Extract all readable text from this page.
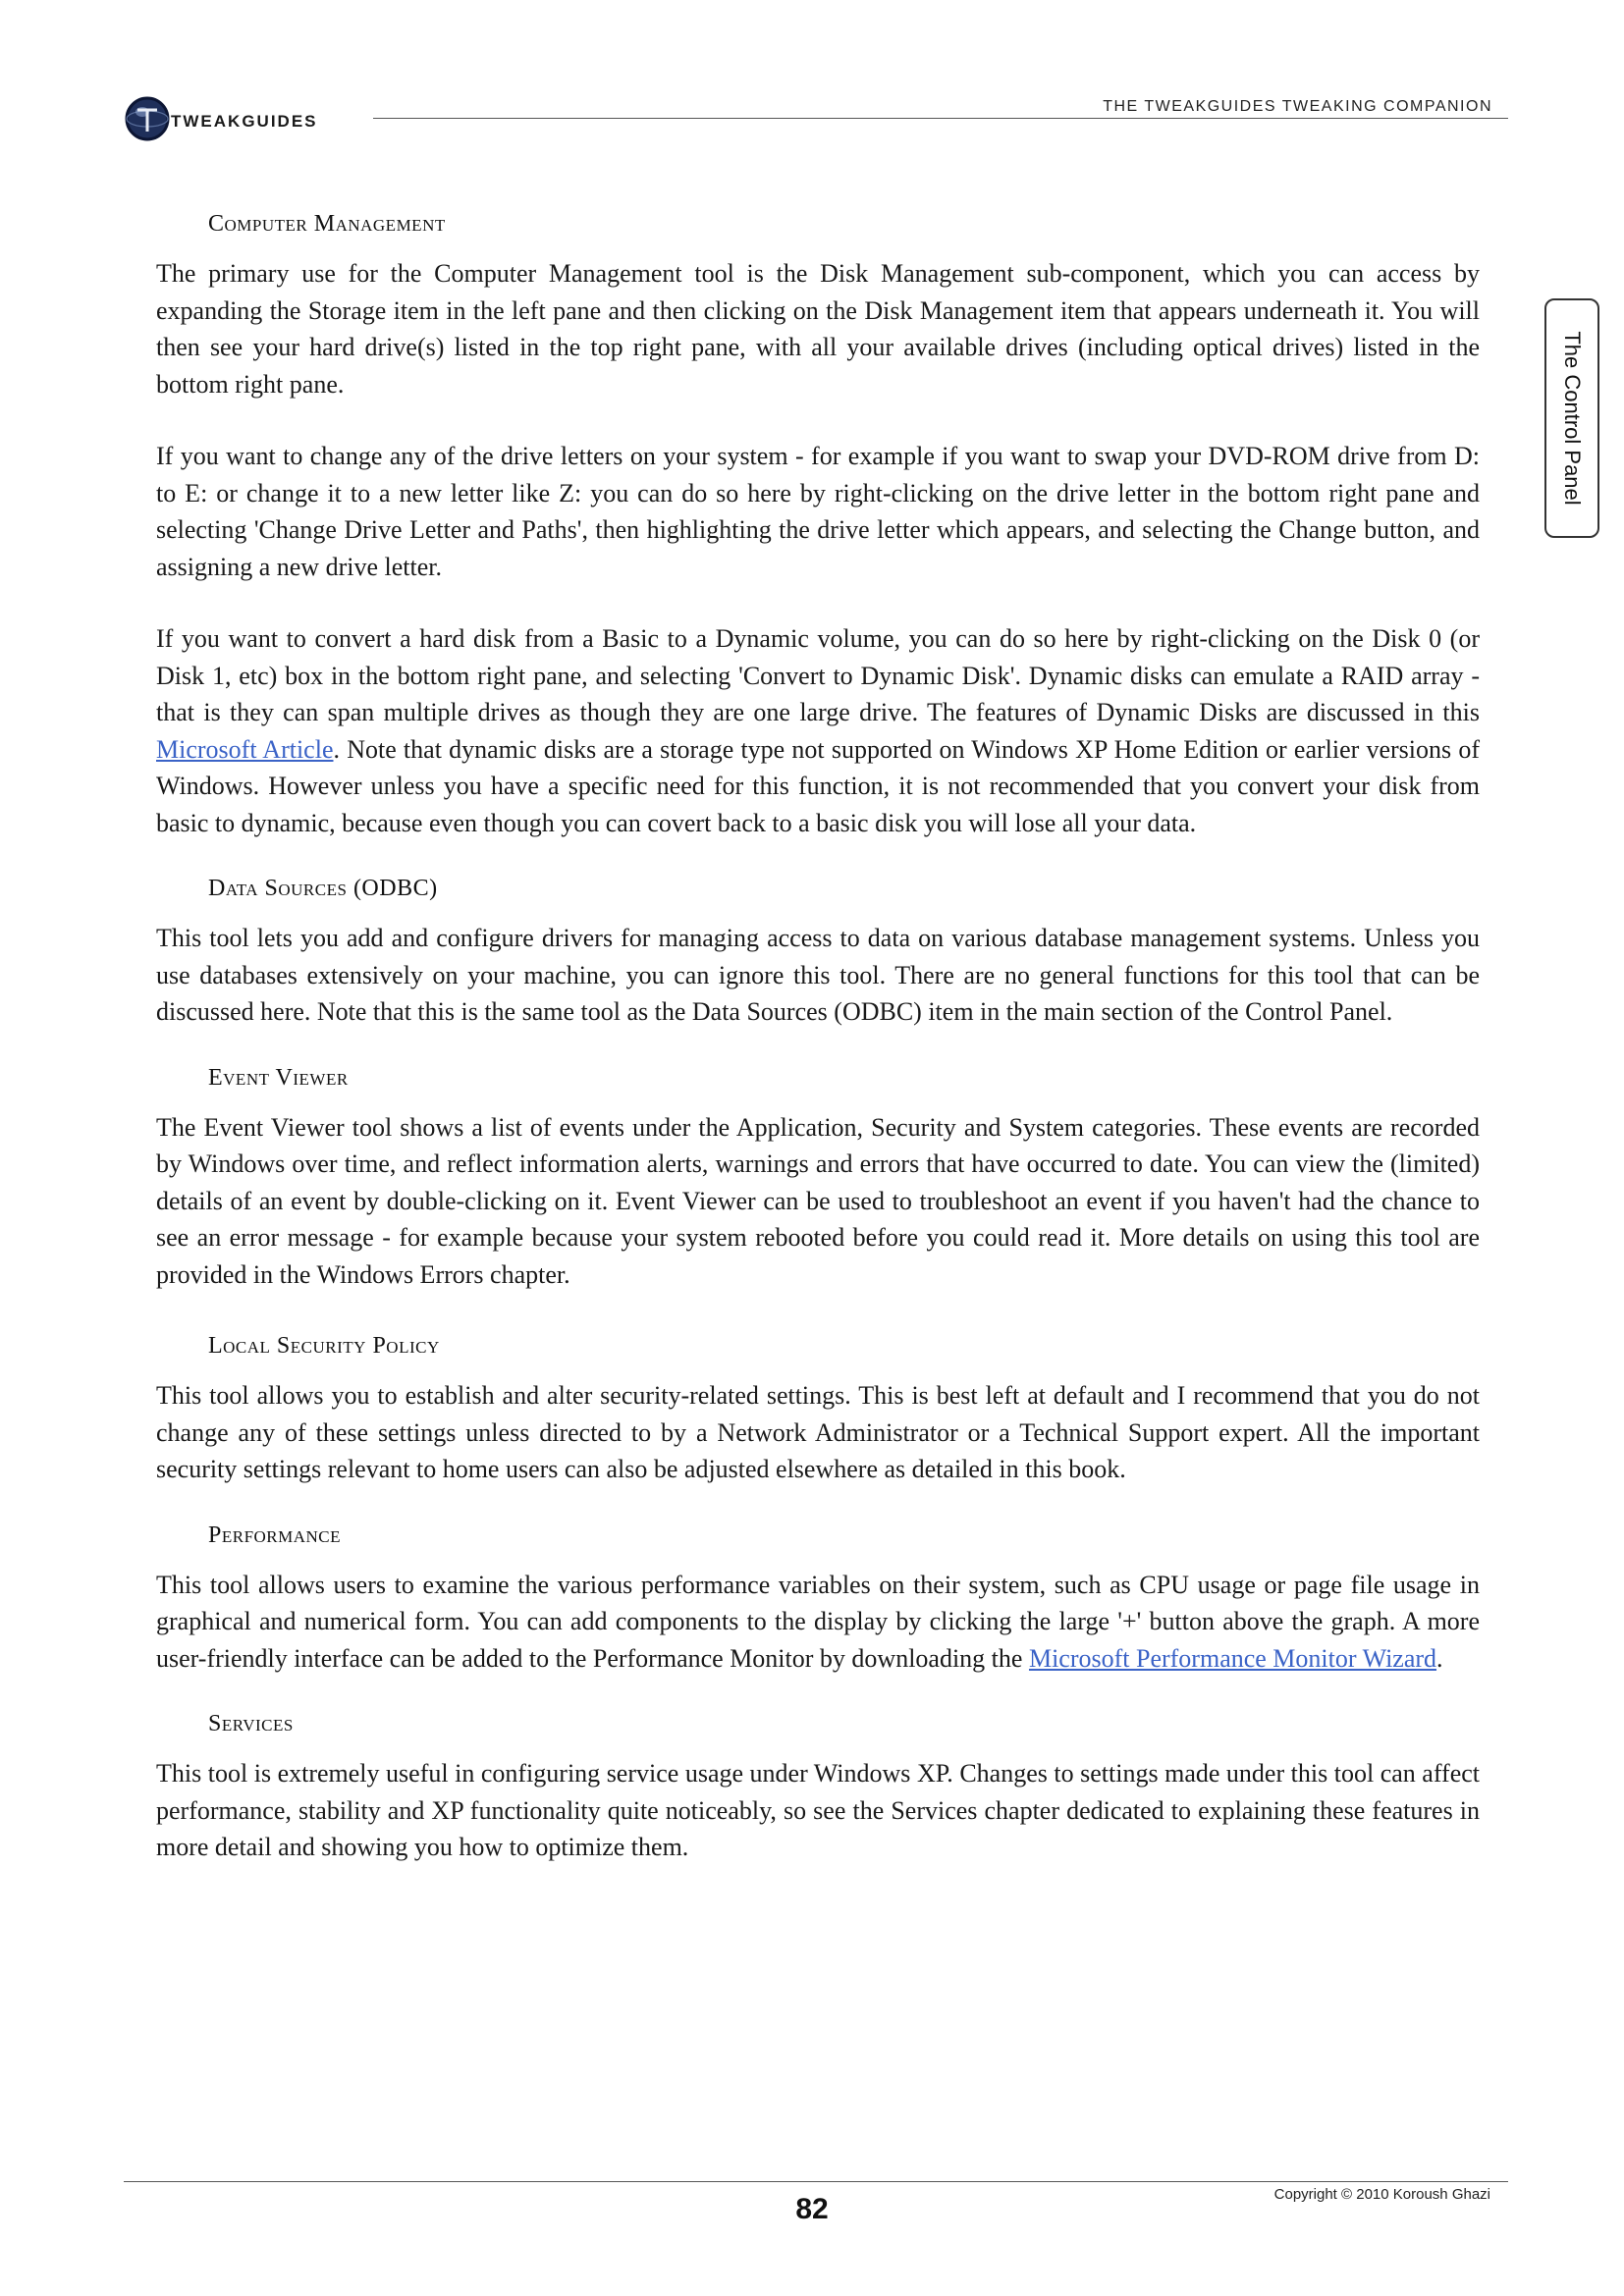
TWEAKGUIDES
THE TWEAKGUIDES TWEAKING COMPANION
The Control Panel
Computer Management

The primary use for the Computer Management tool is the Disk Management sub-component, which you can access by expanding the Storage item in the left pane and then clicking on the Disk Management item that appears underneath it. You will then see your hard drive(s) listed in the top right pane, with all your available drives (including optical drives) listed in the bottom right pane.

If you want to change any of the drive letters on your system - for example if you want to swap your DVD-ROM drive from D: to E: or change it to a new letter like Z: you can do so here by right-clicking on the drive letter in the bottom right pane and selecting 'Change Drive Letter and Paths', then highlighting the drive letter which appears, and selecting the Change button, and assigning a new drive letter.

If you want to convert a hard disk from a Basic to a Dynamic volume, you can do so here by right-clicking on the Disk 0 (or Disk 1, etc) box in the bottom right pane, and selecting 'Convert to Dynamic Disk'. Dynamic disks can emulate a RAID array - that is they can span multiple drives as though they are one large drive. The features of Dynamic Disks are discussed in this Microsoft Article. Note that dynamic disks are a storage type not supported on Windows XP Home Edition or earlier versions of Windows. However unless you have a specific need for this function, it is not recommended that you convert your disk from basic to dynamic, because even though you can covert back to a basic disk you will lose all your data.

Data Sources (ODBC)

This tool lets you add and configure drivers for managing access to data on various database management systems. Unless you use databases extensively on your machine, you can ignore this tool. There are no general functions for this tool that can be discussed here. Note that this is the same tool as the Data Sources (ODBC) item in the main section of the Control Panel.

Event Viewer

The Event Viewer tool shows a list of events under the Application, Security and System categories. These events are recorded by Windows over time, and reflect information alerts, warnings and errors that have occurred to date. You can view the (limited) details of an event by double-clicking on it. Event Viewer can be used to troubleshoot an event if you haven't had the chance to see an error message - for example because your system rebooted before you could read it. More details on using this tool are provided in the Windows Errors chapter.

Local Security Policy

This tool allows you to establish and alter security-related settings. This is best left at default and I recommend that you do not change any of these settings unless directed to by a Network Administrator or a Technical Support expert. All the important security settings relevant to home users can also be adjusted elsewhere as detailed in this book.

Performance

This tool allows users to examine the various performance variables on their system, such as CPU usage or page file usage in graphical and numerical form. You can add components to the display by clicking the large '+' button above the graph. A more user-friendly interface can be added to the Performance Monitor by downloading the Microsoft Performance Monitor Wizard.

Services

This tool is extremely useful in configuring service usage under Windows XP. Changes to settings made under this tool can affect performance, stability and XP functionality quite noticeably, so see the Services chapter dedicated to explaining these features in more detail and showing you how to optimize them.

Copyright © 2010 Koroush Ghazi
82
